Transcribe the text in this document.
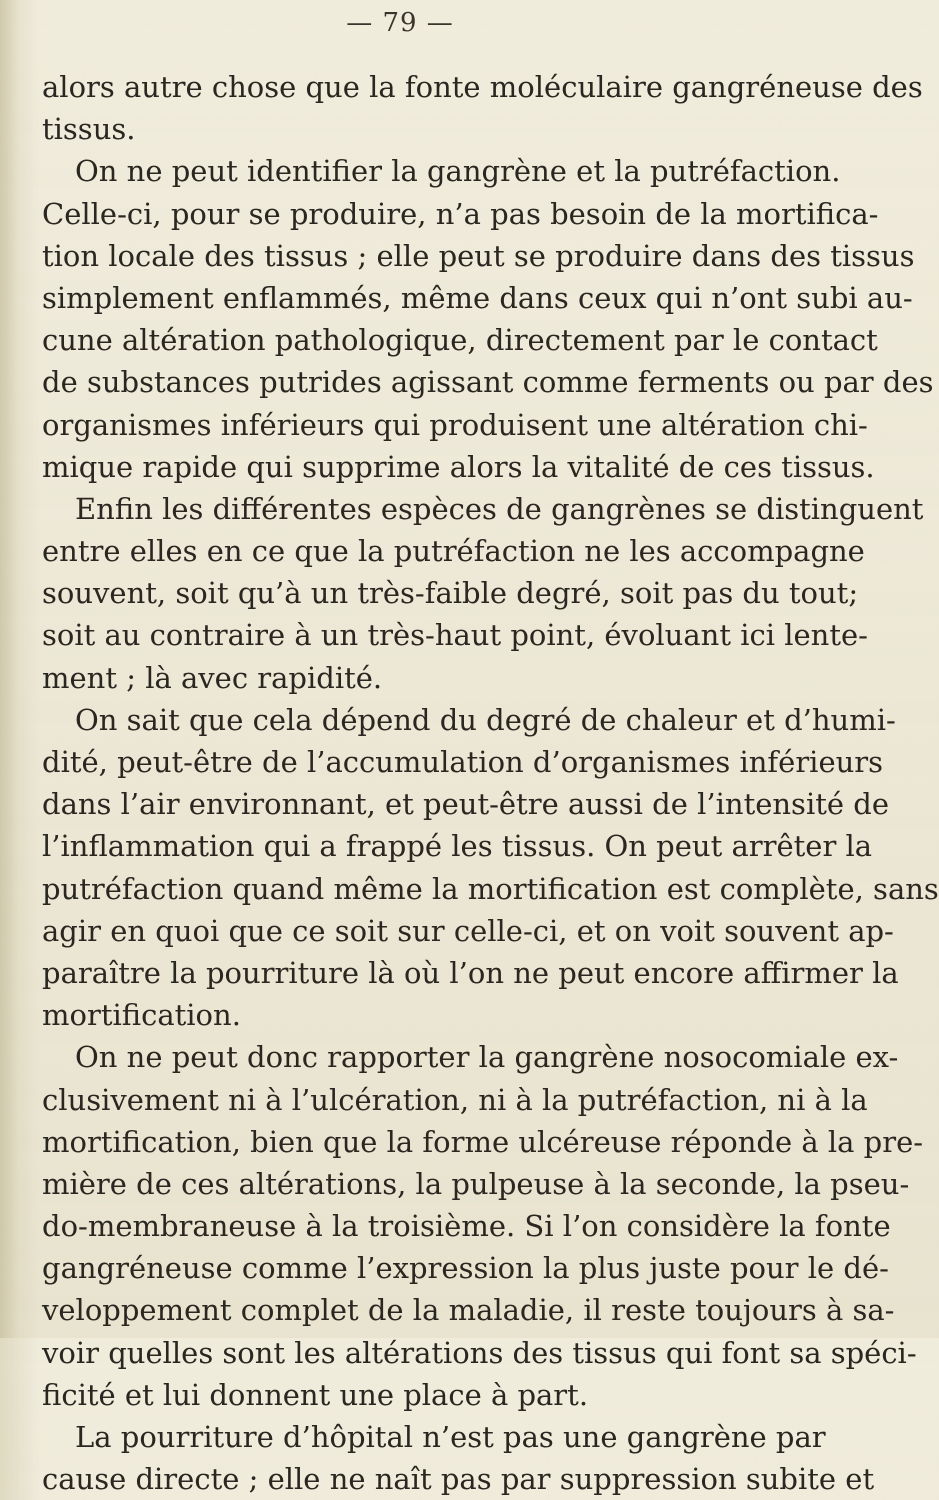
— 79 —
alors autre chose que la fonte moléculaire gangréneuse des
tissus.
On ne peut identifier la gangrène et la putréfaction.
Celle-ci, pour se produire, n’a pas besoin de la mortifica-
tion locale des tissus ; elle peut se produire dans des tissus
simplement enflammés, même dans ceux qui n’ont subi au-
cune altération pathologique, directement par le contact
de substances putrides agissant comme ferments ou par des
organismes inférieurs qui produisent une altération chi-
mique rapide qui supprime alors la vitalité de ces tissus.
Enfin les différentes espèces de gangrènes se distinguent
entre elles en ce que la putréfaction ne les accompagne
souvent, soit qu’à un très-faible degré, soit pas du tout;
soit au contraire à un très-haut point, évoluant ici lente-
ment ; là avec rapidité.
On sait que cela dépend du degré de chaleur et d’humi-
dité, peut-être de l’accumulation d’organismes inférieurs
dans l’air environnant, et peut-être aussi de l’intensité de
l’inflammation qui a frappé les tissus. On peut arrêter la
putréfaction quand même la mortification est complète, sans
agir en quoi que ce soit sur celle-ci, et on voit souvent ap-
paraître la pourriture là où l’on ne peut encore affirmer la
mortification.
On ne peut donc rapporter la gangrène nosocomiale ex-
clusivement ni à l’ulcération, ni à la putréfaction, ni à la
mortification, bien que la forme ulcéreuse réponde à la pre-
mière de ces altérations, la pulpeuse à la seconde, la pseu-
do-membraneuse à la troisième. Si l’on considère la fonte
gangréneuse comme l’expression la plus juste pour le dé-
veloppement complet de la maladie, il reste toujours à sa-
voir quelles sont les altérations des tissus qui font sa spéci-
ficité et lui donnent une place à part.
La pourriture d’hôpital n’est pas une gangrène par
cause directe ; elle ne naît pas par suppression subite et
